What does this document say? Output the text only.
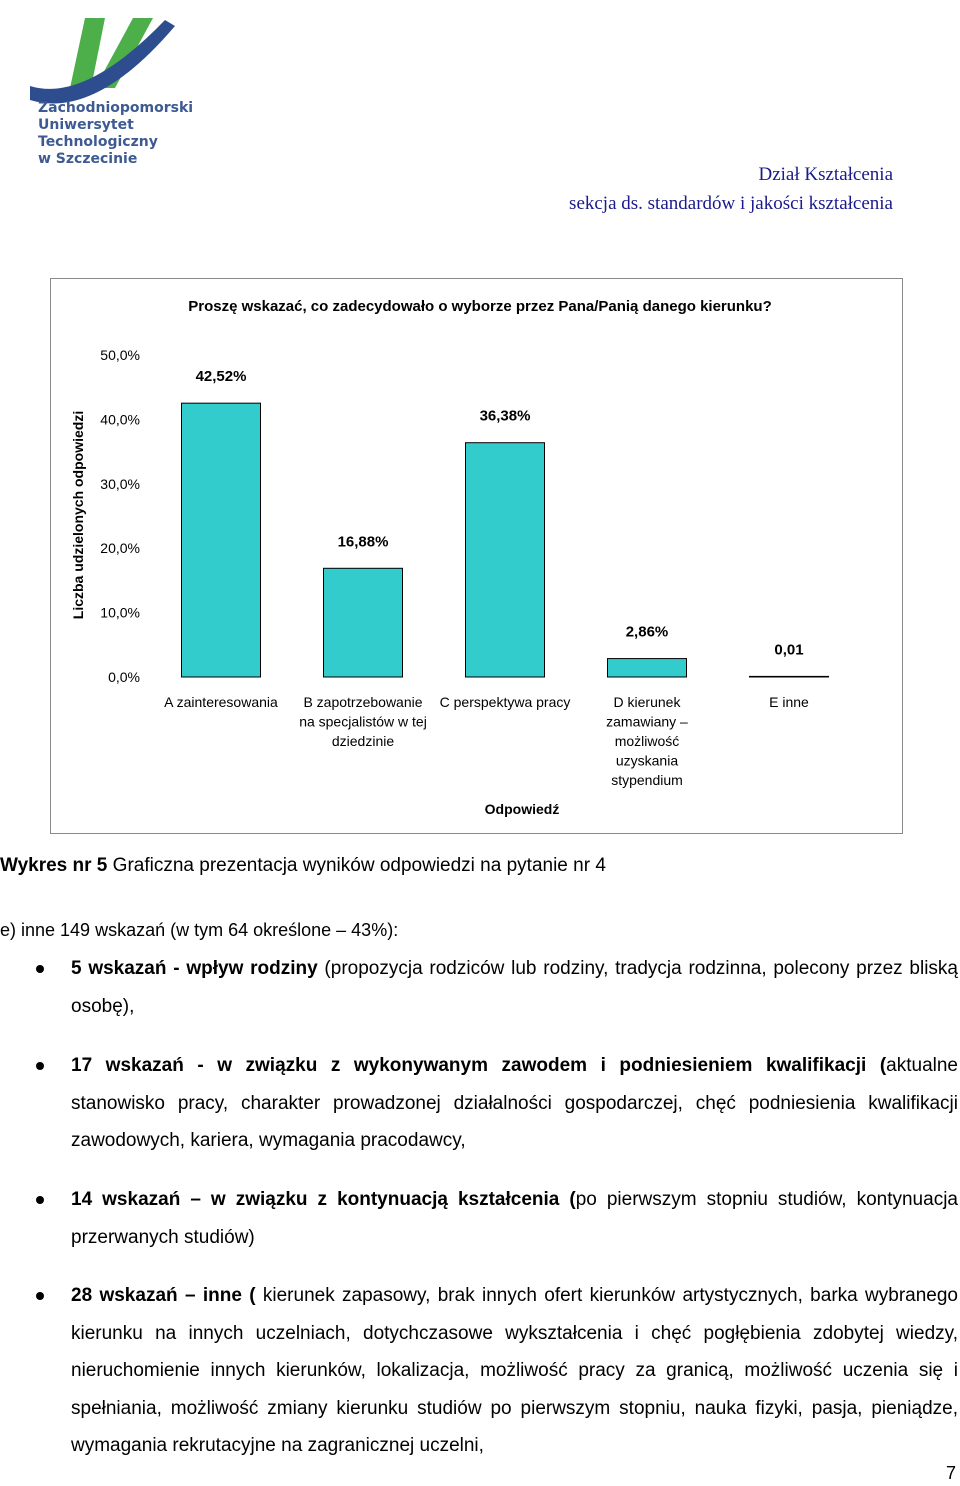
Zachodniopomorski
Uniwersytet
Technologiczny
w Szczecinie
Dział Kształcenia
sekcja ds. standardów i jakości kształcenia
Proszę wskazać, co zadecydowało o wyborze przez Pana/Panią danego kierunku?
0,0%
10,0%
20,0%
30,0%
40,0%
50,0%
Liczba udzielonych odpowiedzi
42,52%
A zainteresowania
16,88%
B zapotrzebowanie
na specjalistów w tej
dziedzinie
36,38%
C perspektywa pracy
2,86%
D kierunek
zamawiany –
możliwość
uzyskania
stypendium
0,01
E inne
Odpowiedź
Wykres nr 5 Graficzna prezentacja wyników odpowiedzi na pytanie nr 4
e) inne 149 wskazań (w tym 64 określone – 43%):
5 wskazań - wpływ rodziny (propozycja rodziców lub rodziny, tradycja rodzinna, polecony przez bliską osobę),
17 wskazań - w związku z wykonywanym zawodem i podniesieniem kwalifikacji (aktualne stanowisko pracy, charakter prowadzonej działalności gospodarczej, chęć podniesienia kwalifikacji zawodowych, kariera, wymagania pracodawcy,
14 wskazań – w związku z kontynuacją kształcenia (po pierwszym stopniu studiów, kontynuacja przerwanych studiów)
28 wskazań – inne ( kierunek zapasowy, brak innych ofert kierunków artystycznych, barka wybranego kierunku na innych uczelniach, dotychczasowe wykształcenia i chęć pogłębienia zdobytej wiedzy, nieruchomienie innych kierunków, lokalizacja, możliwość pracy za granicą, możliwość uczenia się i spełniania, możliwość zmiany kierunku studiów po pierwszym stopniu, nauka fizyki, pasja, pieniądze, wymagania rekrutacyjne na zagranicznej uczelni,
7
